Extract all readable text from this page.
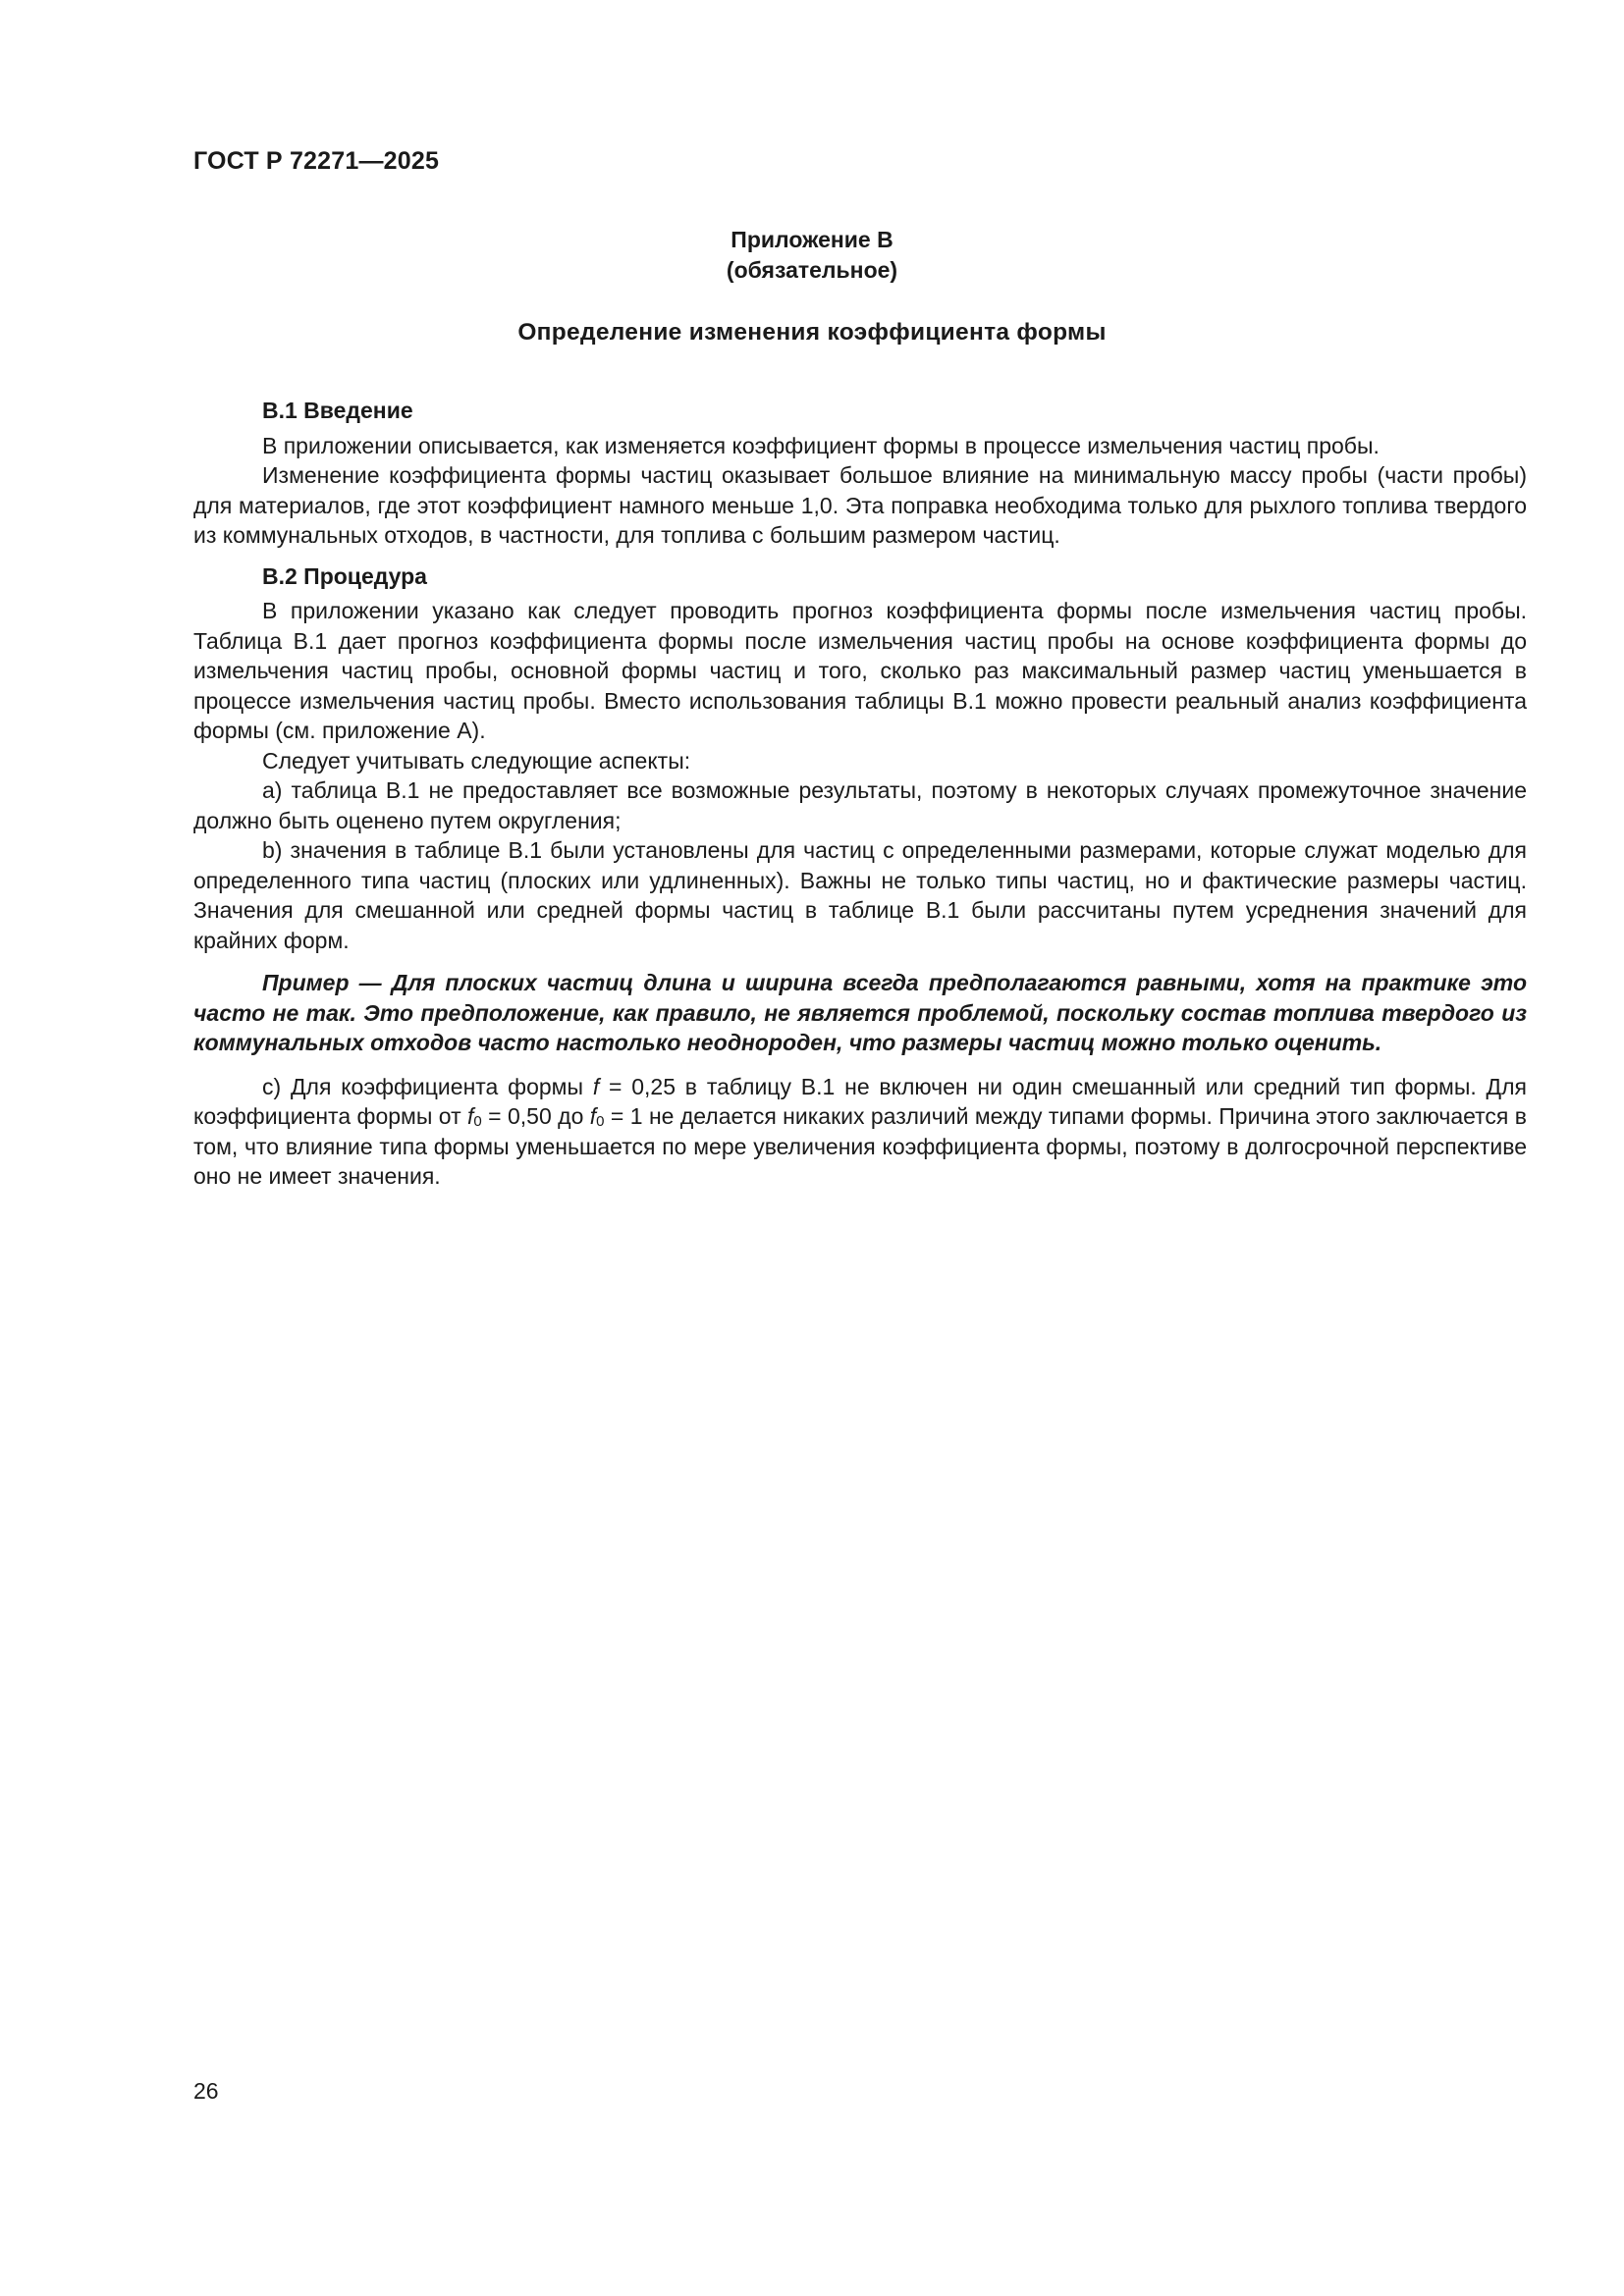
ГОСТ Р 72271—2025
Приложение В
(обязательное)
Определение изменения коэффициента формы

В.1 Введение

В приложении описывается, как изменяется коэффициент формы в процессе измельчения частиц пробы.

Изменение коэффициента формы частиц оказывает большое влияние на минимальную массу пробы (части пробы) для материалов, где этот коэффициент намного меньше 1,0. Эта поправка необходима только для рыхлого топлива твердого из коммунальных отходов, в частности, для топлива с большим размером частиц.

В.2 Процедура

В приложении указано как следует проводить прогноз коэффициента формы после измельчения частиц пробы. Таблица В.1 дает прогноз коэффициента формы после измельчения частиц пробы на основе коэффициента формы до измельчения частиц пробы, основной формы частиц и того, сколько раз максимальный размер частиц уменьшается в процессе измельчения частиц пробы. Вместо использования таблицы В.1 можно провести реальный анализ коэффициента формы (см. приложение А).

Следует учитывать следующие аспекты:

а) таблица В.1 не предоставляет все возможные результаты, поэтому в некоторых случаях промежуточное значение должно быть оценено путем округления;

b) значения в таблице В.1 были установлены для частиц с определенными размерами, которые служат моделью для определенного типа частиц (плоских или удлиненных). Важны не только типы частиц, но и фактические размеры частиц. Значения для смешанной или средней формы частиц в таблице В.1 были рассчитаны путем усреднения значений для крайних форм.

Пример — Для плоских частиц длина и ширина всегда предполагаются равными, хотя на практике это часто не так. Это предположение, как правило, не является проблемой, поскольку состав топлива твердого из коммунальных отходов часто настолько неоднороден, что размеры частиц можно только оценить.

с) Для коэффициента формы f = 0,25 в таблицу В.1 не включен ни один смешанный или средний тип формы. Для коэффициента формы от $f_0 = 0,50$ до $f_0 = 1$ не делается никаких различий между типами формы. Причина этого заключается в том, что влияние типа формы уменьшается по мере увеличения коэффициента формы, поэтому в долгосрочной перспективе оно не имеет значения.

26
